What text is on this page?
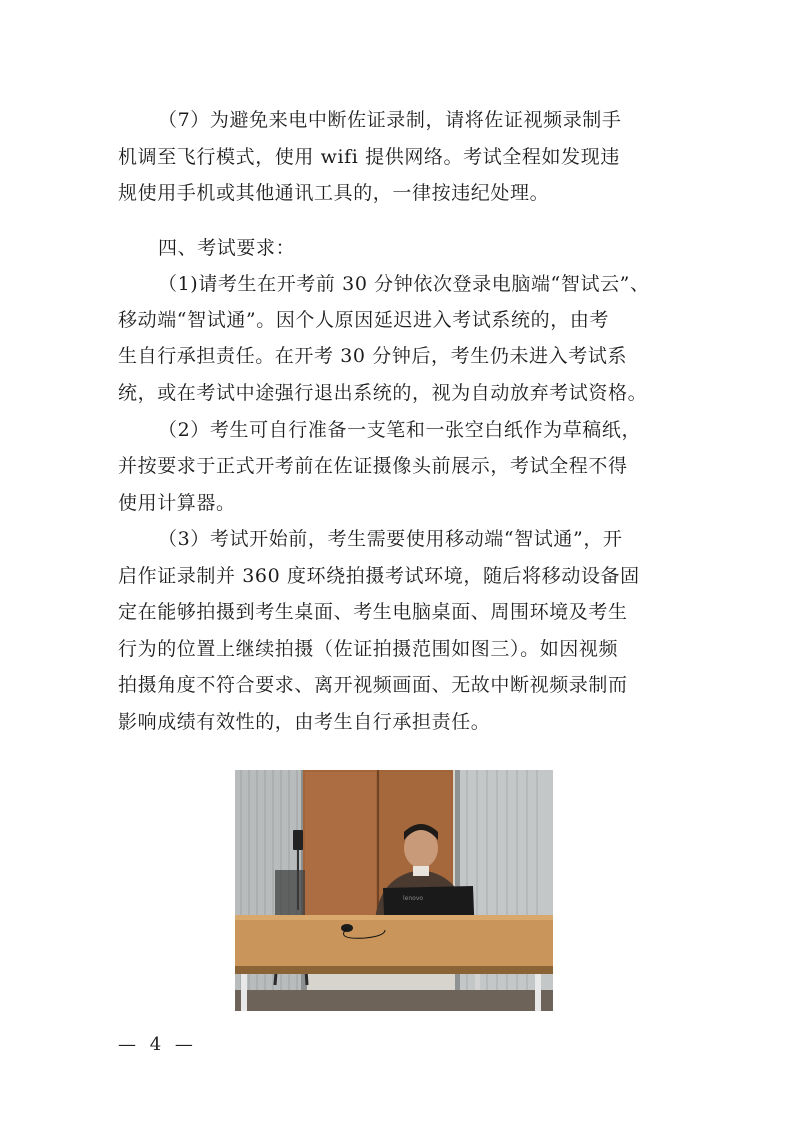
（7）为避免来电中断佐证录制，请将佐证视频录制手
机调至飞行模式，使用 wifi 提供网络。考试全程如发现违
规使用手机或其他通讯工具的，一律按违纪处理。
四、考试要求：
（1)请考生在开考前 30 分钟依次登录电脑端“智试云”、
移动端“智试通”。因个人原因延迟进入考试系统的，由考
生自行承担责任。在开考 30 分钟后，考生仍未进入考试系
统，或在考试中途强行退出系统的，视为自动放弃考试资格。
（2）考生可自行准备一支笔和一张空白纸作为草稿纸，
并按要求于正式开考前在佐证摄像头前展示，考试全程不得
使用计算器。
（3）考试开始前，考生需要使用移动端“智试通”，开
启作证录制并 360 度环绕拍摄考试环境，随后将移动设备固
定在能够拍摄到考生桌面、考生电脑桌面、周围环境及考生
行为的位置上继续拍摄（佐证拍摄范围如图三）。如因视频
拍摄角度不符合要求、离开视频画面、无故中断视频录制而
影响成绩有效性的，由考生自行承担责任。
lenovo
— 4 —
